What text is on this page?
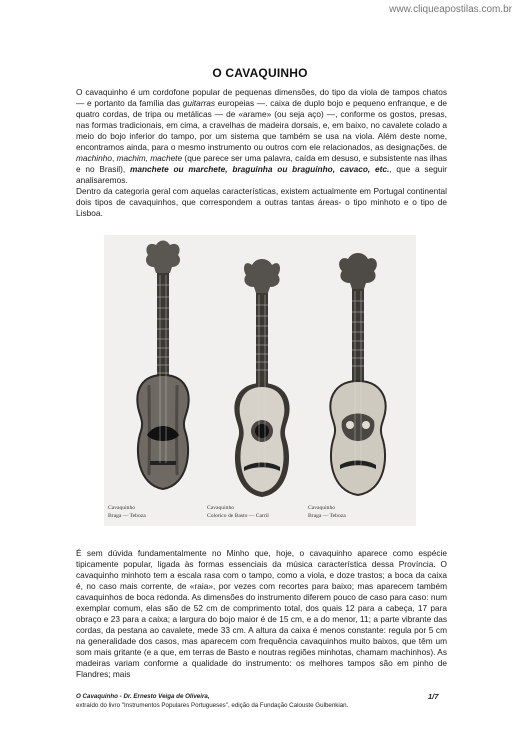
www.cliqueapostilas.com.br
O CAVAQUINHO

O cavaquinho é um cordofone popular de pequenas dimensões, do tipo da viola de tampos chatos — e portanto da família das guitarras europeias —. caixa de duplo bojo e pequeno enfranque, e de quatro cordas, de tripa ou metálicas — de «arame» (ou seja aço) —, conforme os gostos, presas, nas formas tradicionais, em cima, a cravelhas de madeira dorsais, e, em baixo, no cavalete colado a meio do bojo inferior do tampo, por um sistema que também se usa na viola. Além deste nome, encontramos ainda, para o mesmo instrumento ou outros com ele relacionados, as designações. de machinho, machim, machete (que parece ser uma palavra, caída em desuso, e subsistente nas ilhas e no Brasil), manchete ou marchete, braguinha ou braguinho, cavaco, etc., que a seguir analisaremos.

Dentro da categoria geral com aquelas características, existem actualmente em Portugal continental dois tipos de cavaquinhos, que correspondem a outras tantas áreas- o tipo minhoto e o tipo de Lisboa.

Cavaquinho
Braga — Teboza
Cavaquinho
Colorico de Basto — Carril
Cavaquinho
Braga — Teboza

É sem dúvida fundamentalmente no Minho que, hoje, o cavaquinho aparece como espécie tipicamente popular, ligada às formas essenciais da música característica dessa Província. O cavaquinho minhoto tem a escala rasa com o tampo, como a viola, e doze trastos; a boca da caixa é, no caso mais corrente, de «raia», por vezes com recortes para baixo; mas aparecem também cavaquinhos de boca redonda. As dimensões do instrumento diferem pouco de caso para caso: num exemplar comum, elas são de 52 cm de comprimento total, dos quais 12 para a cabeça, 17 para obraço e 23 para a caixa; a largura do bojo maior é de 15 cm, e a do menor, 11; a parte vibrante das cordas, da pestana ao cavalete, mede 33 cm. A altura da caixa é menos constante: regula por 5 cm na generalidade dos casos, mas aparecem com frequência cavaquinhos muito baixos, que têm um som mais gritante (e a que, em terras de Basto e noutras regiões minhotas, chamam machinhos). As madeiras variam conforme a qualidade do instrumento: os melhores tampos são em pinho de Flandres; mais

O Cavaquinho - Dr. Ernesto Veiga de Oliveira,
extraído do livro "Instrumentos Populares Portugueses", edição da Fundação Calouste Gulbenkian.
1/7
